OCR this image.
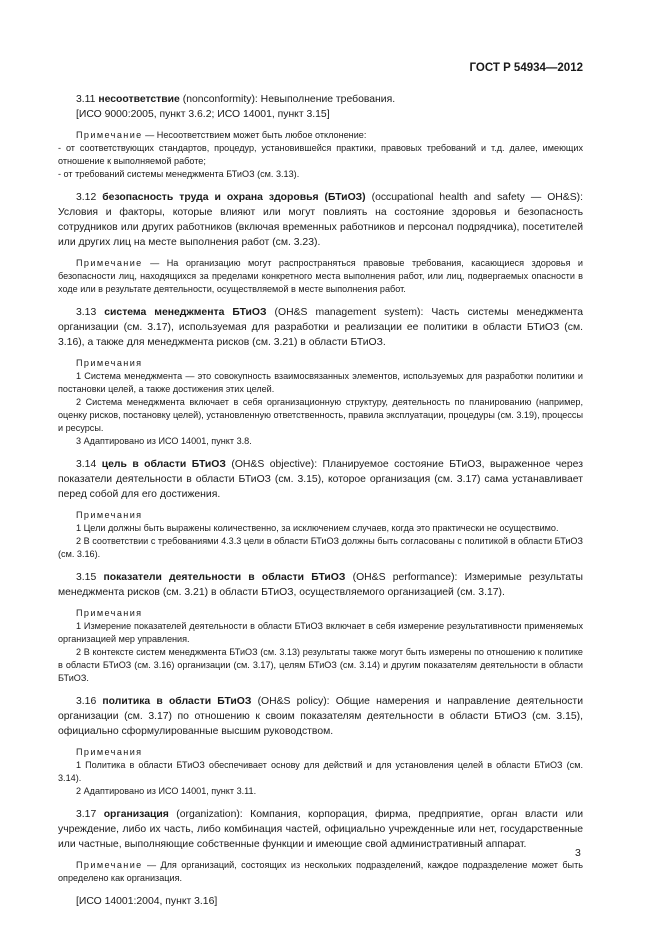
ГОСТ Р 54934—2012

3.11 несоответствие (nonconformity): Невыполнение требования.

[ИСО 9000:2005, пункт 3.6.2; ИСО 14001, пункт 3.15]

Примечание — Несоответствием может быть любое отклонение:

- от соответствующих стандартов, процедур, установившейся практики, правовых требований и т.д. далее, имеющих отношение к выполняемой работе;

- от требований системы менеджмента БТиОЗ (см. 3.13).

3.12 безопасность труда и охрана здоровья (БТиОЗ) (occupational health and safety — OH&S): Условия и факторы, которые влияют или могут повлиять на состояние здоровья и безопасность сотрудников или других работников (включая временных работников и персонал подрядчика), посетителей или других лиц на месте выполнения работ (см. 3.23).

Примечание — На организацию могут распространяться правовые требования, касающиеся здоровья и безопасности лиц, находящихся за пределами конкретного места выполнения работ, или лиц, подвергаемых опасности в ходе или в результате деятельности, осуществляемой в месте выполнения работ.

3.13 система менеджмента БТиОЗ (OH&S management system): Часть системы менеджмента организации (см. 3.17), используемая для разработки и реализации ее политики в области БТиОЗ (см. 3.16), а также для менеджмента рисков (см. 3.21) в области БТиОЗ.

Примечания

1 Система менеджмента — это совокупность взаимосвязанных элементов, используемых для разработки политики и постановки целей, а также достижения этих целей.

2 Система менеджмента включает в себя организационную структуру, деятельность по планированию (например, оценку рисков, постановку целей), установленную ответственность, правила эксплуатации, процедуры (см. 3.19), процессы и ресурсы.

3 Адаптировано из ИСО 14001, пункт 3.8.

3.14 цель в области БТиОЗ (OH&S objective): Планируемое состояние БТиОЗ, выраженное через показатели деятельности в области БТиОЗ (см. 3.15), которое организация (см. 3.17) сама устанавливает перед собой для его достижения.

Примечания

1 Цели должны быть выражены количественно, за исключением случаев, когда это практически не осуществимо.

2 В соответствии с требованиями 4.3.3 цели в области БТиОЗ должны быть согласованы с политикой в области БТиОЗ (см. 3.16).

3.15 показатели деятельности в области БТиОЗ (OH&S performance): Измеримые результаты менеджмента рисков (см. 3.21) в области БТиОЗ, осуществляемого организацией (см. 3.17).

Примечания

1 Измерение показателей деятельности в области БТиОЗ включает в себя измерение результативности применяемых организацией мер управления.

2 В контексте систем менеджмента БТиОЗ (см. 3.13) результаты также могут быть измерены по отношению к политике в области БТиОЗ (см. 3.16) организации (см. 3.17), целям БТиОЗ (см. 3.14) и другим показателям деятельности в области БТиОЗ.

3.16 политика в области БТиОЗ (OH&S policy): Общие намерения и направление деятельности организации (см. 3.17) по отношению к своим показателям деятельности в области БТиОЗ (см. 3.15), официально сформулированные высшим руководством.

Примечания

1 Политика в области БТиОЗ обеспечивает основу для действий и для установления целей в области БТиОЗ (см. 3.14).

2 Адаптировано из ИСО 14001, пункт 3.11.

3.17 организация (organization): Компания, корпорация, фирма, предприятие, орган власти или учреждение, либо их часть, либо комбинация частей, официально учрежденные или нет, государственные или частные, выполняющие собственные функции и имеющие свой административный аппарат.

Примечание — Для организаций, состоящих из нескольких подразделений, каждое подразделение может быть определено как организация.

[ИСО 14001:2004, пункт 3.16]

3
